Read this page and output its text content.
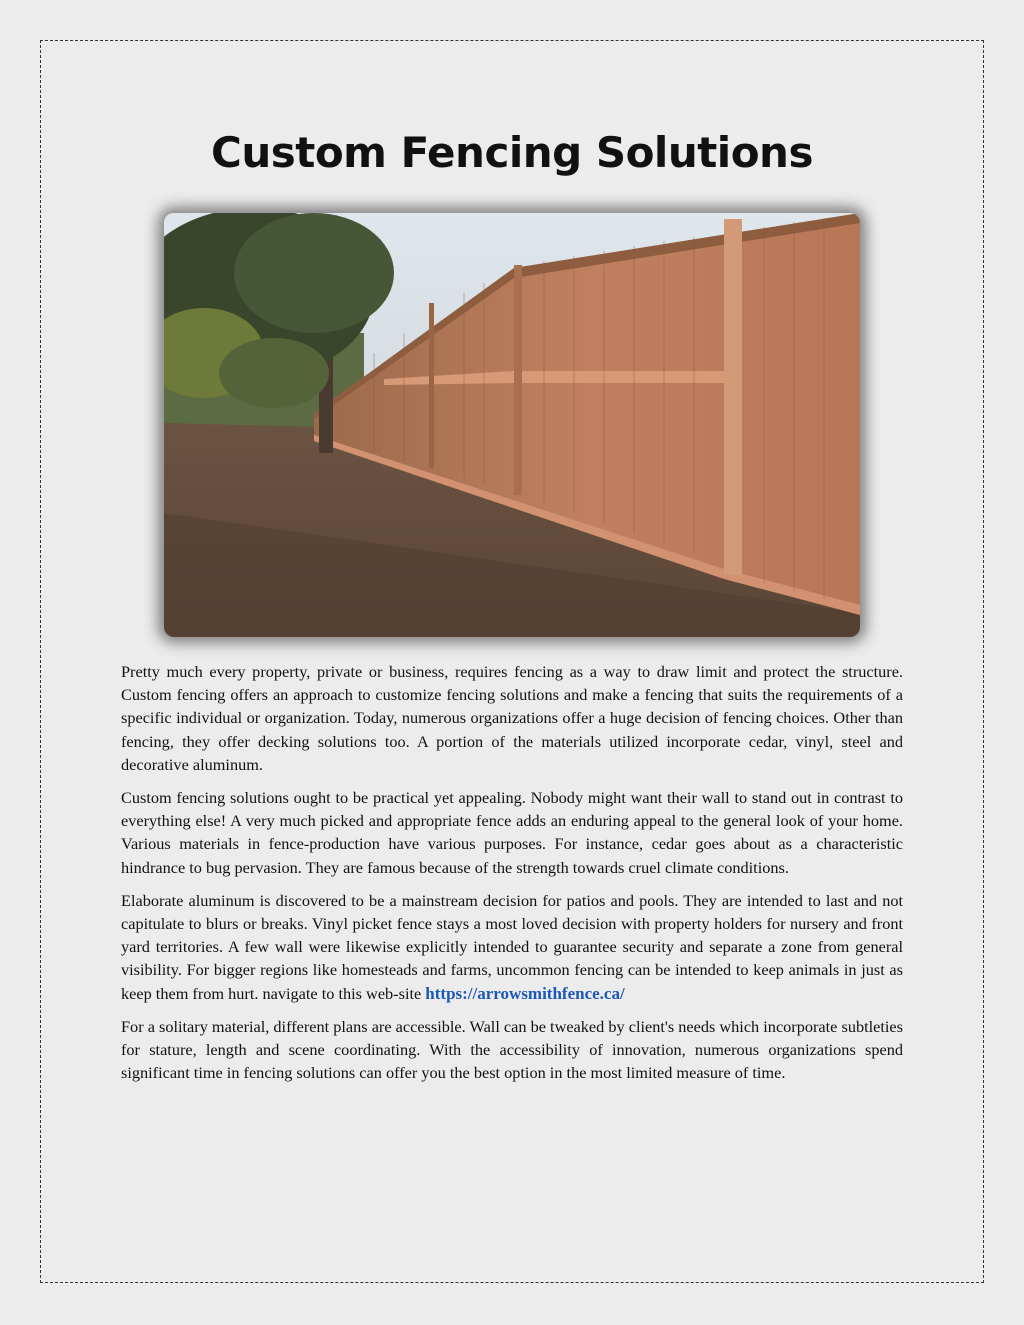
Custom Fencing Solutions

Pretty much every property, private or business, requires fencing as a way to draw limit and protect the structure. Custom fencing offers an approach to customize fencing solutions and make a fencing that suits the requirements of a specific individual or organization. Today, numerous organizations offer a huge decision of fencing choices. Other than fencing, they offer decking solutions too. A portion of the materials utilized incorporate cedar, vinyl, steel and decorative aluminum.

Custom fencing solutions ought to be practical yet appealing. Nobody might want their wall to stand out in contrast to everything else! A very much picked and appropriate fence adds an enduring appeal to the general look of your home. Various materials in fence-production have various purposes. For instance, cedar goes about as a characteristic hindrance to bug pervasion. They are famous because of the strength towards cruel climate conditions.

Elaborate aluminum is discovered to be a mainstream decision for patios and pools. They are intended to last and not capitulate to blurs or breaks. Vinyl picket fence stays a most loved decision with property holders for nursery and front yard territories. A few wall were likewise explicitly intended to guarantee security and separate a zone from general visibility. For bigger regions like homesteads and farms, uncommon fencing can be intended to keep animals in just as keep them from hurt. navigate to this web-site https://arrowsmithfence.ca/

For a solitary material, different plans are accessible. Wall can be tweaked by client's needs which incorporate subtleties for stature, length and scene coordinating. With the accessibility of innovation, numerous organizations spend significant time in fencing solutions can offer you the best option in the most limited measure of time.
